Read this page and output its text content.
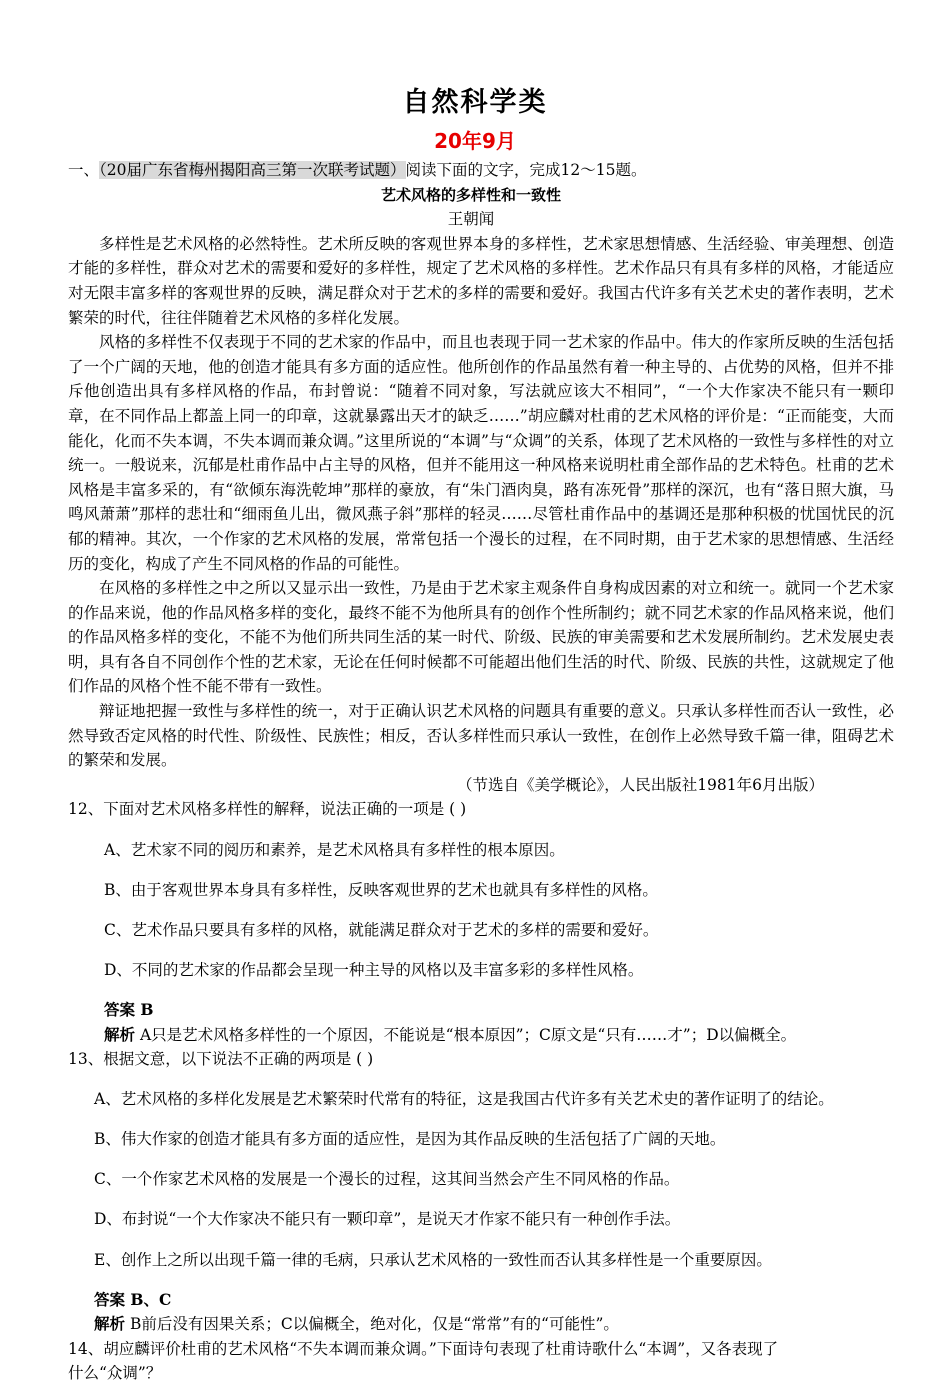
自然科学类
20年9月

一、（20届广东省梅州揭阳高三第一次联考试题）阅读下面的文字，完成12～15题。

艺术风格的多样性和一致性

王朝闻

多样性是艺术风格的必然特性。艺术所反映的客观世界本身的多样性，艺术家思想情感、生活经验、审美理想、创造才能的多样性，群众对艺术的需要和爱好的多样性，规定了艺术风格的多样性。艺术作品只有具有多样的风格，才能适应对无限丰富多样的客观世界的反映，满足群众对于艺术的多样的需要和爱好。我国古代许多有关艺术史的著作表明，艺术繁荣的时代，往往伴随着艺术风格的多样化发展。

风格的多样性不仅表现于不同的艺术家的作品中，而且也表现于同一艺术家的作品中。伟大的作家所反映的生活包括了一个广阔的天地，他的创造才能具有多方面的适应性。他所创作的作品虽然有着一种主导的、占优势的风格，但并不排斥他创造出具有多样风格的作品，布封曾说：“随着不同对象，写法就应该大不相同”，“一个大作家决不能只有一颗印章，在不同作品上都盖上同一的印章，这就暴露出天才的缺乏……”胡应麟对杜甫的艺术风格的评价是：“正而能变，大而能化，化而不失本调，不失本调而兼众调。”这里所说的“本调”与“众调”的关系，体现了艺术风格的一致性与多样性的对立统一。一般说来，沉郁是杜甫作品中占主导的风格，但并不能用这一种风格来说明杜甫全部作品的艺术特色。杜甫的艺术风格是丰富多采的，有“欲倾东海洗乾坤”那样的豪放，有“朱门酒肉臭，路有冻死骨”那样的深沉，也有“落日照大旗，马鸣风萧萧”那样的悲壮和“细雨鱼儿出，微风燕子斜”那样的轻灵……尽管杜甫作品中的基调还是那种积极的忧国忧民的沉郁的精神。其次，一个作家的艺术风格的发展，常常包括一个漫长的过程，在不同时期，由于艺术家的思想情感、生活经历的变化，构成了产生不同风格的作品的可能性。

在风格的多样性之中之所以又显示出一致性，乃是由于艺术家主观条件自身构成因素的对立和统一。就同一个艺术家的作品来说，他的作品风格多样的变化，最终不能不为他所具有的创作个性所制约；就不同艺术家的作品风格来说，他们的作品风格多样的变化，不能不为他们所共同生活的某一时代、阶级、民族的审美需要和艺术发展所制约。艺术发展史表明，具有各自不同创作个性的艺术家，无论在任何时候都不可能超出他们生活的时代、阶级、民族的共性，这就规定了他们作品的风格个性不能不带有一致性。

辩证地把握一致性与多样性的统一，对于正确认识艺术风格的问题具有重要的意义。只承认多样性而否认一致性，必然导致否定风格的时代性、阶级性、民族性；相反，否认多样性而只承认一致性，在创作上必然导致千篇一律，阻碍艺术的繁荣和发展。

（节选自《美学概论》，人民出版社1981年6月出版）

12、下面对艺术风格多样性的解释，说法正确的一项是 ( )

A、艺术家不同的阅历和素养，是艺术风格具有多样性的根本原因。

B、由于客观世界本身具有多样性，反映客观世界的艺术也就具有多样性的风格。

C、艺术作品只要具有多样的风格，就能满足群众对于艺术的多样的需要和爱好。

D、不同的艺术家的作品都会呈现一种主导的风格以及丰富多彩的多样性风格。

答案 B

解析 A只是艺术风格多样性的一个原因，不能说是“根本原因”；C原文是“只有……才”；D以偏概全。

13、根据文意，以下说法不正确的两项是 ( )

A、艺术风格的多样化发展是艺术繁荣时代常有的特征，这是我国古代许多有关艺术史的著作证明了的结论。

B、伟大作家的创造才能具有多方面的适应性，是因为其作品反映的生活包括了广阔的天地。

C、一个作家艺术风格的发展是一个漫长的过程，这其间当然会产生不同风格的作品。

D、布封说“一个大作家决不能只有一颗印章”，是说天才作家不能只有一种创作手法。

E、创作上之所以出现千篇一律的毛病，只承认艺术风格的一致性而否认其多样性是一个重要原因。

答案 B、C

解析 B前后没有因果关系；C以偏概全，绝对化，仅是“常常”有的“可能性”。

14、胡应麟评价杜甫的艺术风格“不失本调而兼众调。”下面诗句表现了杜甫诗歌什么“本调”，又各表现了

什么“众调”？
